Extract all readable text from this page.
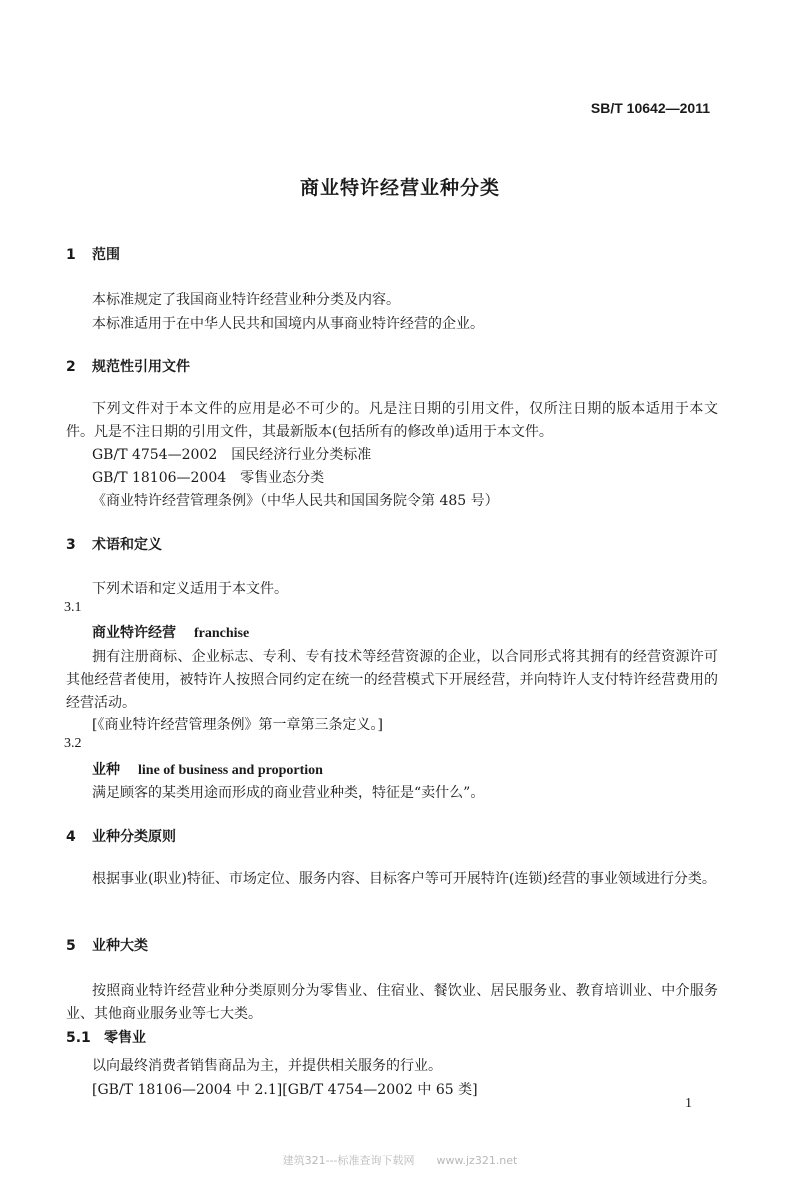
SB/T 10642—2011
商业特许经营业种分类
1 范围
本标准规定了我国商业特许经营业种分类及内容。
本标准适用于在中华人民共和国境内从事商业特许经营的企业。
2 规范性引用文件
下列文件对于本文件的应用是必不可少的。凡是注日期的引用文件，仅所注日期的版本适用于本文件。凡是不注日期的引用文件，其最新版本(包括所有的修改单)适用于本文件。
GB/T 4754—2002　国民经济行业分类标准
GB/T 18106—2004　零售业态分类
《商业特许经营管理条例》（中华人民共和国国务院令第 485 号）
3 术语和定义
下列术语和定义适用于本文件。
3.1
商业特许经营 franchise
拥有注册商标、企业标志、专利、专有技术等经营资源的企业，以合同形式将其拥有的经营资源许可其他经营者使用，被特许人按照合同约定在统一的经营模式下开展经营，并向特许人支付特许经营费用的经营活动。
[《商业特许经营管理条例》第一章第三条定义。]
3.2
业种 line of business and proportion
满足顾客的某类用途而形成的商业营业种类，特征是“卖什么”。
4 业种分类原则
根据事业(职业)特征、市场定位、服务内容、目标客户等可开展特许(连锁)经营的事业领域进行分类。
5 业种大类
按照商业特许经营业种分类原则分为零售业、住宿业、餐饮业、居民服务业、教育培训业、中介服务业、其他商业服务业等七大类。
5.1 零售业
以向最终消费者销售商品为主，并提供相关服务的行业。
[GB/T 18106—2004 中 2.1][GB/T 4754—2002 中 65 类]
1
建筑321---标准查询下载网　　www.jz321.net
